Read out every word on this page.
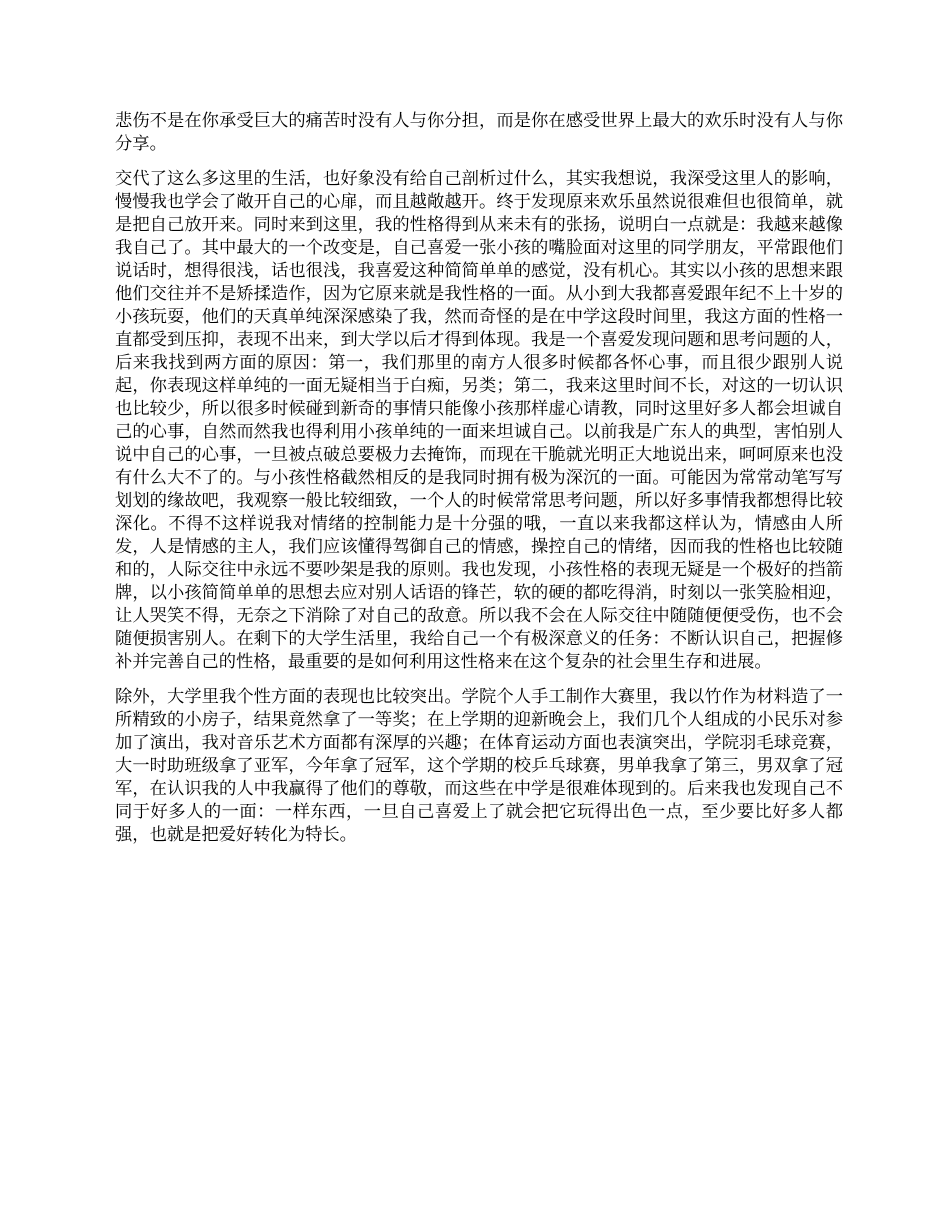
悲伤不是在你承受巨大的痛苦时没有人与你分担，而是你在感受世界上最大的欢乐时没有人与你分享。

交代了这么多这里的生活，也好象没有给自己剖析过什么，其实我想说，我深受这里人的影响，慢慢我也学会了敞开自己的心扉，而且越敞越开。终于发现原来欢乐虽然说很难但也很简单，就是把自己放开来。同时来到这里，我的性格得到从来未有的张扬，说明白一点就是：我越来越像我自己了。其中最大的一个改变是，自己喜爱一张小孩的嘴脸面对这里的同学朋友，平常跟他们说话时，想得很浅，话也很浅，我喜爱这种简简单单的感觉，没有机心。其实以小孩的思想来跟他们交往并不是矫揉造作，因为它原来就是我性格的一面。从小到大我都喜爱跟年纪不上十岁的小孩玩耍，他们的天真单纯深深感染了我，然而奇怪的是在中学这段时间里，我这方面的性格一直都受到压抑，表现不出来，到大学以后才得到体现。我是一个喜爱发现问题和思考问题的人，后来我找到两方面的原因：第一，我们那里的南方人很多时候都各怀心事，而且很少跟别人说起，你表现这样单纯的一面无疑相当于白痴，另类；第二，我来这里时间不长，对这的一切认识也比较少，所以很多时候碰到新奇的事情只能像小孩那样虚心请教，同时这里好多人都会坦诚自己的心事，自然而然我也得利用小孩单纯的一面来坦诚自己。以前我是广东人的典型，害怕别人说中自己的心事，一旦被点破总要极力去掩饰，而现在干脆就光明正大地说出来，呵呵原来也没有什么大不了的。与小孩性格截然相反的是我同时拥有极为深沉的一面。可能因为常常动笔写写划划的缘故吧，我观察一般比较细致，一个人的时候常常思考问题，所以好多事情我都想得比较深化。不得不这样说我对情绪的控制能力是十分强的哦，一直以来我都这样认为，情感由人所发，人是情感的主人，我们应该懂得驾御自己的情感，操控自己的情绪，因而我的性格也比较随和的，人际交往中永远不要吵架是我的原则。我也发现，小孩性格的表现无疑是一个极好的挡箭牌，以小孩简简单单的思想去应对别人话语的锋芒，软的硬的都吃得消，时刻以一张笑脸相迎，让人哭笑不得，无奈之下消除了对自己的敌意。所以我不会在人际交往中随随便便受伤，也不会随便损害别人。在剩下的大学生活里，我给自己一个有极深意义的任务：不断认识自己，把握修补并完善自己的性格，最重要的是如何利用这性格来在这个复杂的社会里生存和进展。

除外，大学里我个性方面的表现也比较突出。学院个人手工制作大赛里，我以竹作为材料造了一所精致的小房子，结果竟然拿了一等奖；在上学期的迎新晚会上，我们几个人组成的小民乐对参加了演出，我对音乐艺术方面都有深厚的兴趣；在体育运动方面也表演突出，学院羽毛球竞赛，大一时助班级拿了亚军，今年拿了冠军，这个学期的校乒乓球赛，男单我拿了第三，男双拿了冠军，在认识我的人中我赢得了他们的尊敬，而这些在中学是很难体现到的。后来我也发现自己不同于好多人的一面：一样东西，一旦自己喜爱上了就会把它玩得出色一点，至少要比好多人都强，也就是把爱好转化为特长。
